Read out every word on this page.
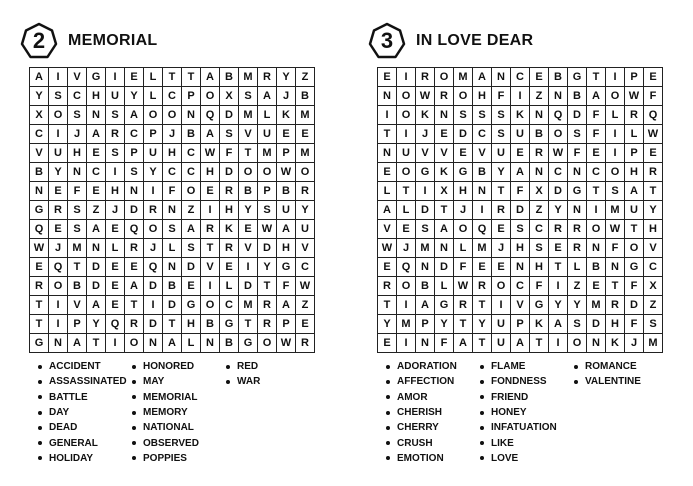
2	MEMORIAL
A	I	V	G	I	E	L	T	T	A	B M R	Y	Z
Y	S	C	H	U	Y	L	C	P	O	X	S	A	J	B
X	O	S	N	S	A O O N Q D M	L	K M
C	I	J	A	R	C	P	J	B	A	S	V	U	E	E
V	U	H	E	S	P	U	H	C W F	T	M P M
B	Y	N	C	I	S	Y	C	C	H	D O O W O
N	E	F	E	H	N	I	F	O	E	R	B	P	B	R
G R	S	Z	J	D	R	N	Z	I	H	Y	S	U	Y
Q	E	S	A	E	Q O	S	A	R	K	E W A	U
W J	M N	L	R	J	L	S	T	R	V	D	H	V
E	Q	T	D	E	E	Q N	D	V	E	I	Y	G C
R O B	D	E	A	D	B	E	I	L	D	T	F W
T	I	V	A	E	T	I	D G O C M R	A	Z
T	I	P	Y	Q R	D	T	H	B G	T	R	P	E
G N	A	T	I	O N	A	L	N	B G O W R
ACCIDENT
ASSASSINATED
BATTLE
DAY
DEAD
GENERAL
HOLIDAY
HONORED
MAY
MEMORIAL
MEMORY
NATIONAL
OBSERVED
POPPIES
RED
WAR
3	IN LOVE DEAR
E	I	R O M A	N	C	E	B G	T	I	P	E
N O W R O H	F	I	Z	N	B	A O W F
I	O K	N	S	S	S	K	N Q D	F	L	R Q
T	I	J	E	D	C	S	U	B O	S	F	I	L W
N	U	V	V	E	V	U	E	R W F	E	I	P	E
E	O G K G B	Y	A	N	C	N	C O H	R
L	T	I	X	H	N	T	F	X	D G	T	S	A	T
A	L	D	T	J	I	R	D	Z	Y	N	I	M U	Y
V	E	S	A O Q	E	S	C	R	R O W T	H
W J	M N	L	M	J	H	S	E	R	N	F	O	V
E	Q N	D	F	E	E	N	H	T	L	B	N G C
R O B	L W R O C	F	I	Z	E	T	F	X
T	I	A G R	T	I	V	G	Y	Y M R	D	Z
Y M P	Y	T	Y	U	P	K	A	S	D	H	F	S
E	I	N	F	A	T	U	A	T	I	O N	K	J	M
ADORATION
AFFECTION
AMOR
CHERISH
CHERRY
CRUSH
EMOTION
FLAME
FONDNESS
FRIEND
HONEY
INFATUATION
LIKE
LOVE
ROMANCE
VALENTINE
